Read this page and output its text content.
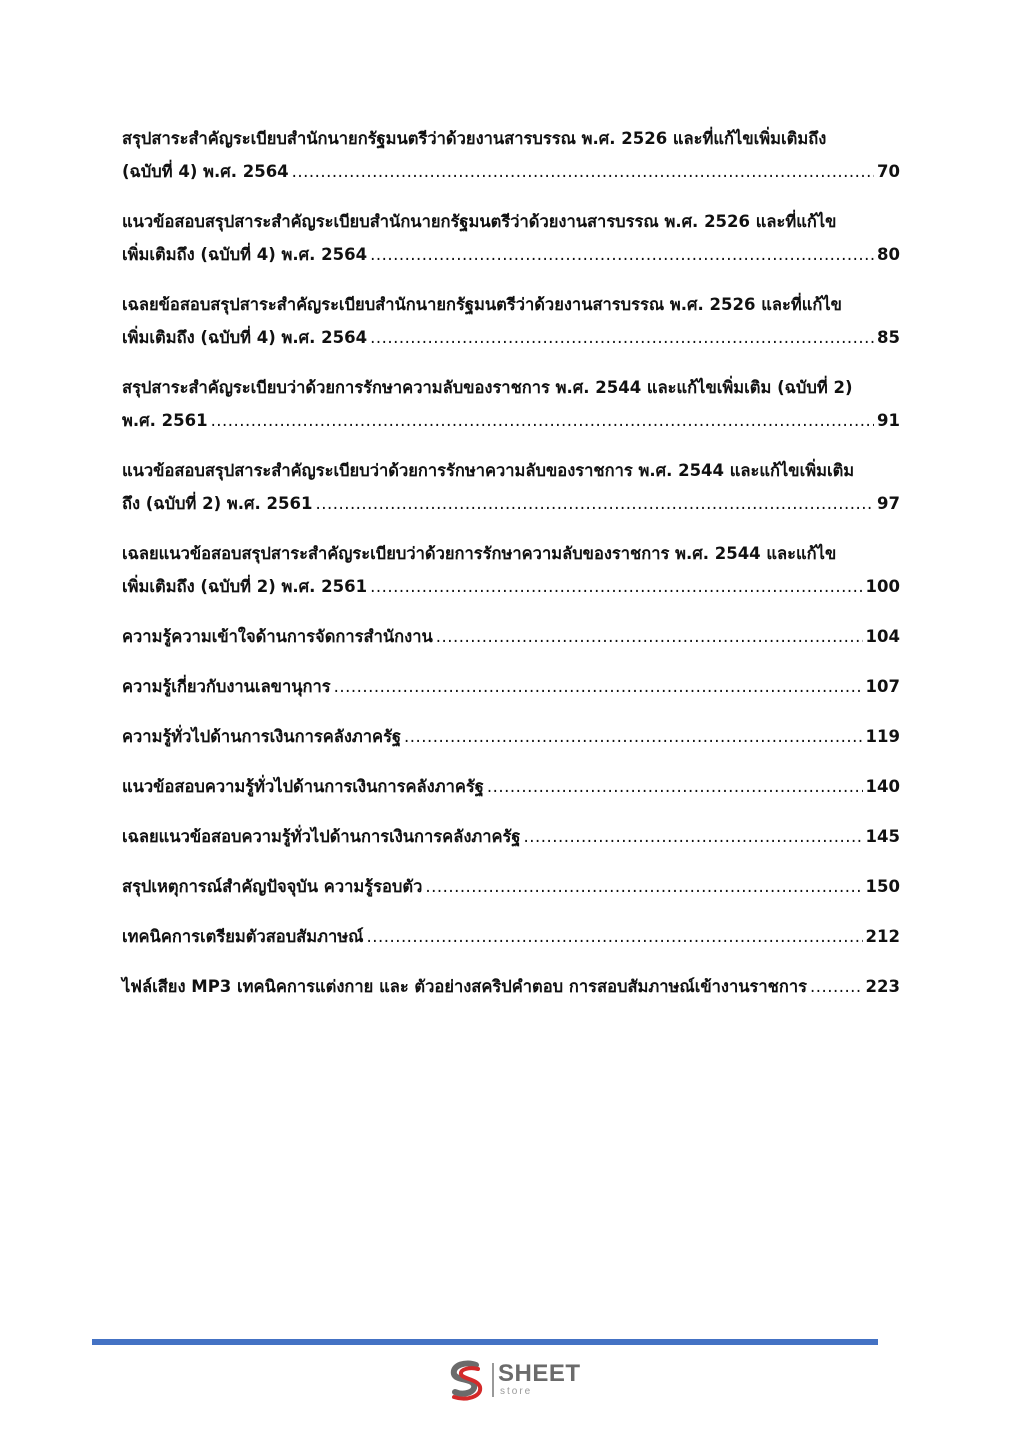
สรุปสาระสำคัญระเบียบสำนักนายกรัฐมนตรีว่าด้วยงานสารบรรณ พ.ศ. 2526 และที่แก้ไขเพิ่มเติมถึง
(ฉบับที่ 4) พ.ศ. 2564 .....	70
แนวข้อสอบสรุปสาระสำคัญระเบียบสำนักนายกรัฐมนตรีว่าด้วยงานสารบรรณ พ.ศ. 2526 และที่แก้ไข
เพิ่มเติมถึง (ฉบับที่ 4) พ.ศ. 2564 .....	80
เฉลยข้อสอบสรุปสาระสำคัญระเบียบสำนักนายกรัฐมนตรีว่าด้วยงานสารบรรณ พ.ศ. 2526 และที่แก้ไข
เพิ่มเติมถึง (ฉบับที่ 4) พ.ศ. 2564 .....	85
สรุปสาระสำคัญระเบียบว่าด้วยการรักษาความลับของราชการ พ.ศ. 2544 และแก้ไขเพิ่มเติม (ฉบับที่ 2)
พ.ศ. 2561 .....	91
แนวข้อสอบสรุปสาระสำคัญระเบียบว่าด้วยการรักษาความลับของราชการ พ.ศ. 2544 และแก้ไขเพิ่มเติม
ถึง (ฉบับที่ 2) พ.ศ. 2561 .....	97
เฉลยแนวข้อสอบสรุปสาระสำคัญระเบียบว่าด้วยการรักษาความลับของราชการ พ.ศ. 2544 และแก้ไข
เพิ่มเติมถึง (ฉบับที่ 2) พ.ศ. 2561 .....	100
ความรู้ความเข้าใจด้านการจัดการสำนักงาน .....	104
ความรู้เกี่ยวกับงานเลขานุการ .....	107
ความรู้ทั่วไปด้านการเงินการคลังภาครัฐ .....	119
แนวข้อสอบความรู้ทั่วไปด้านการเงินการคลังภาครัฐ .....	140
เฉลยแนวข้อสอบความรู้ทั่วไปด้านการเงินการคลังภาครัฐ .....	145
สรุปเหตุการณ์สำคัญปัจจุบัน ความรู้รอบตัว .....	150
เทคนิคการเตรียมตัวสอบสัมภาษณ์ .....	212
ไฟล์เสียง MP3 เทคนิคการแต่งกาย และ ตัวอย่างสคริปคำตอบ การสอบสัมภาษณ์เข้างานราชการ .....	223
SHEET
store
